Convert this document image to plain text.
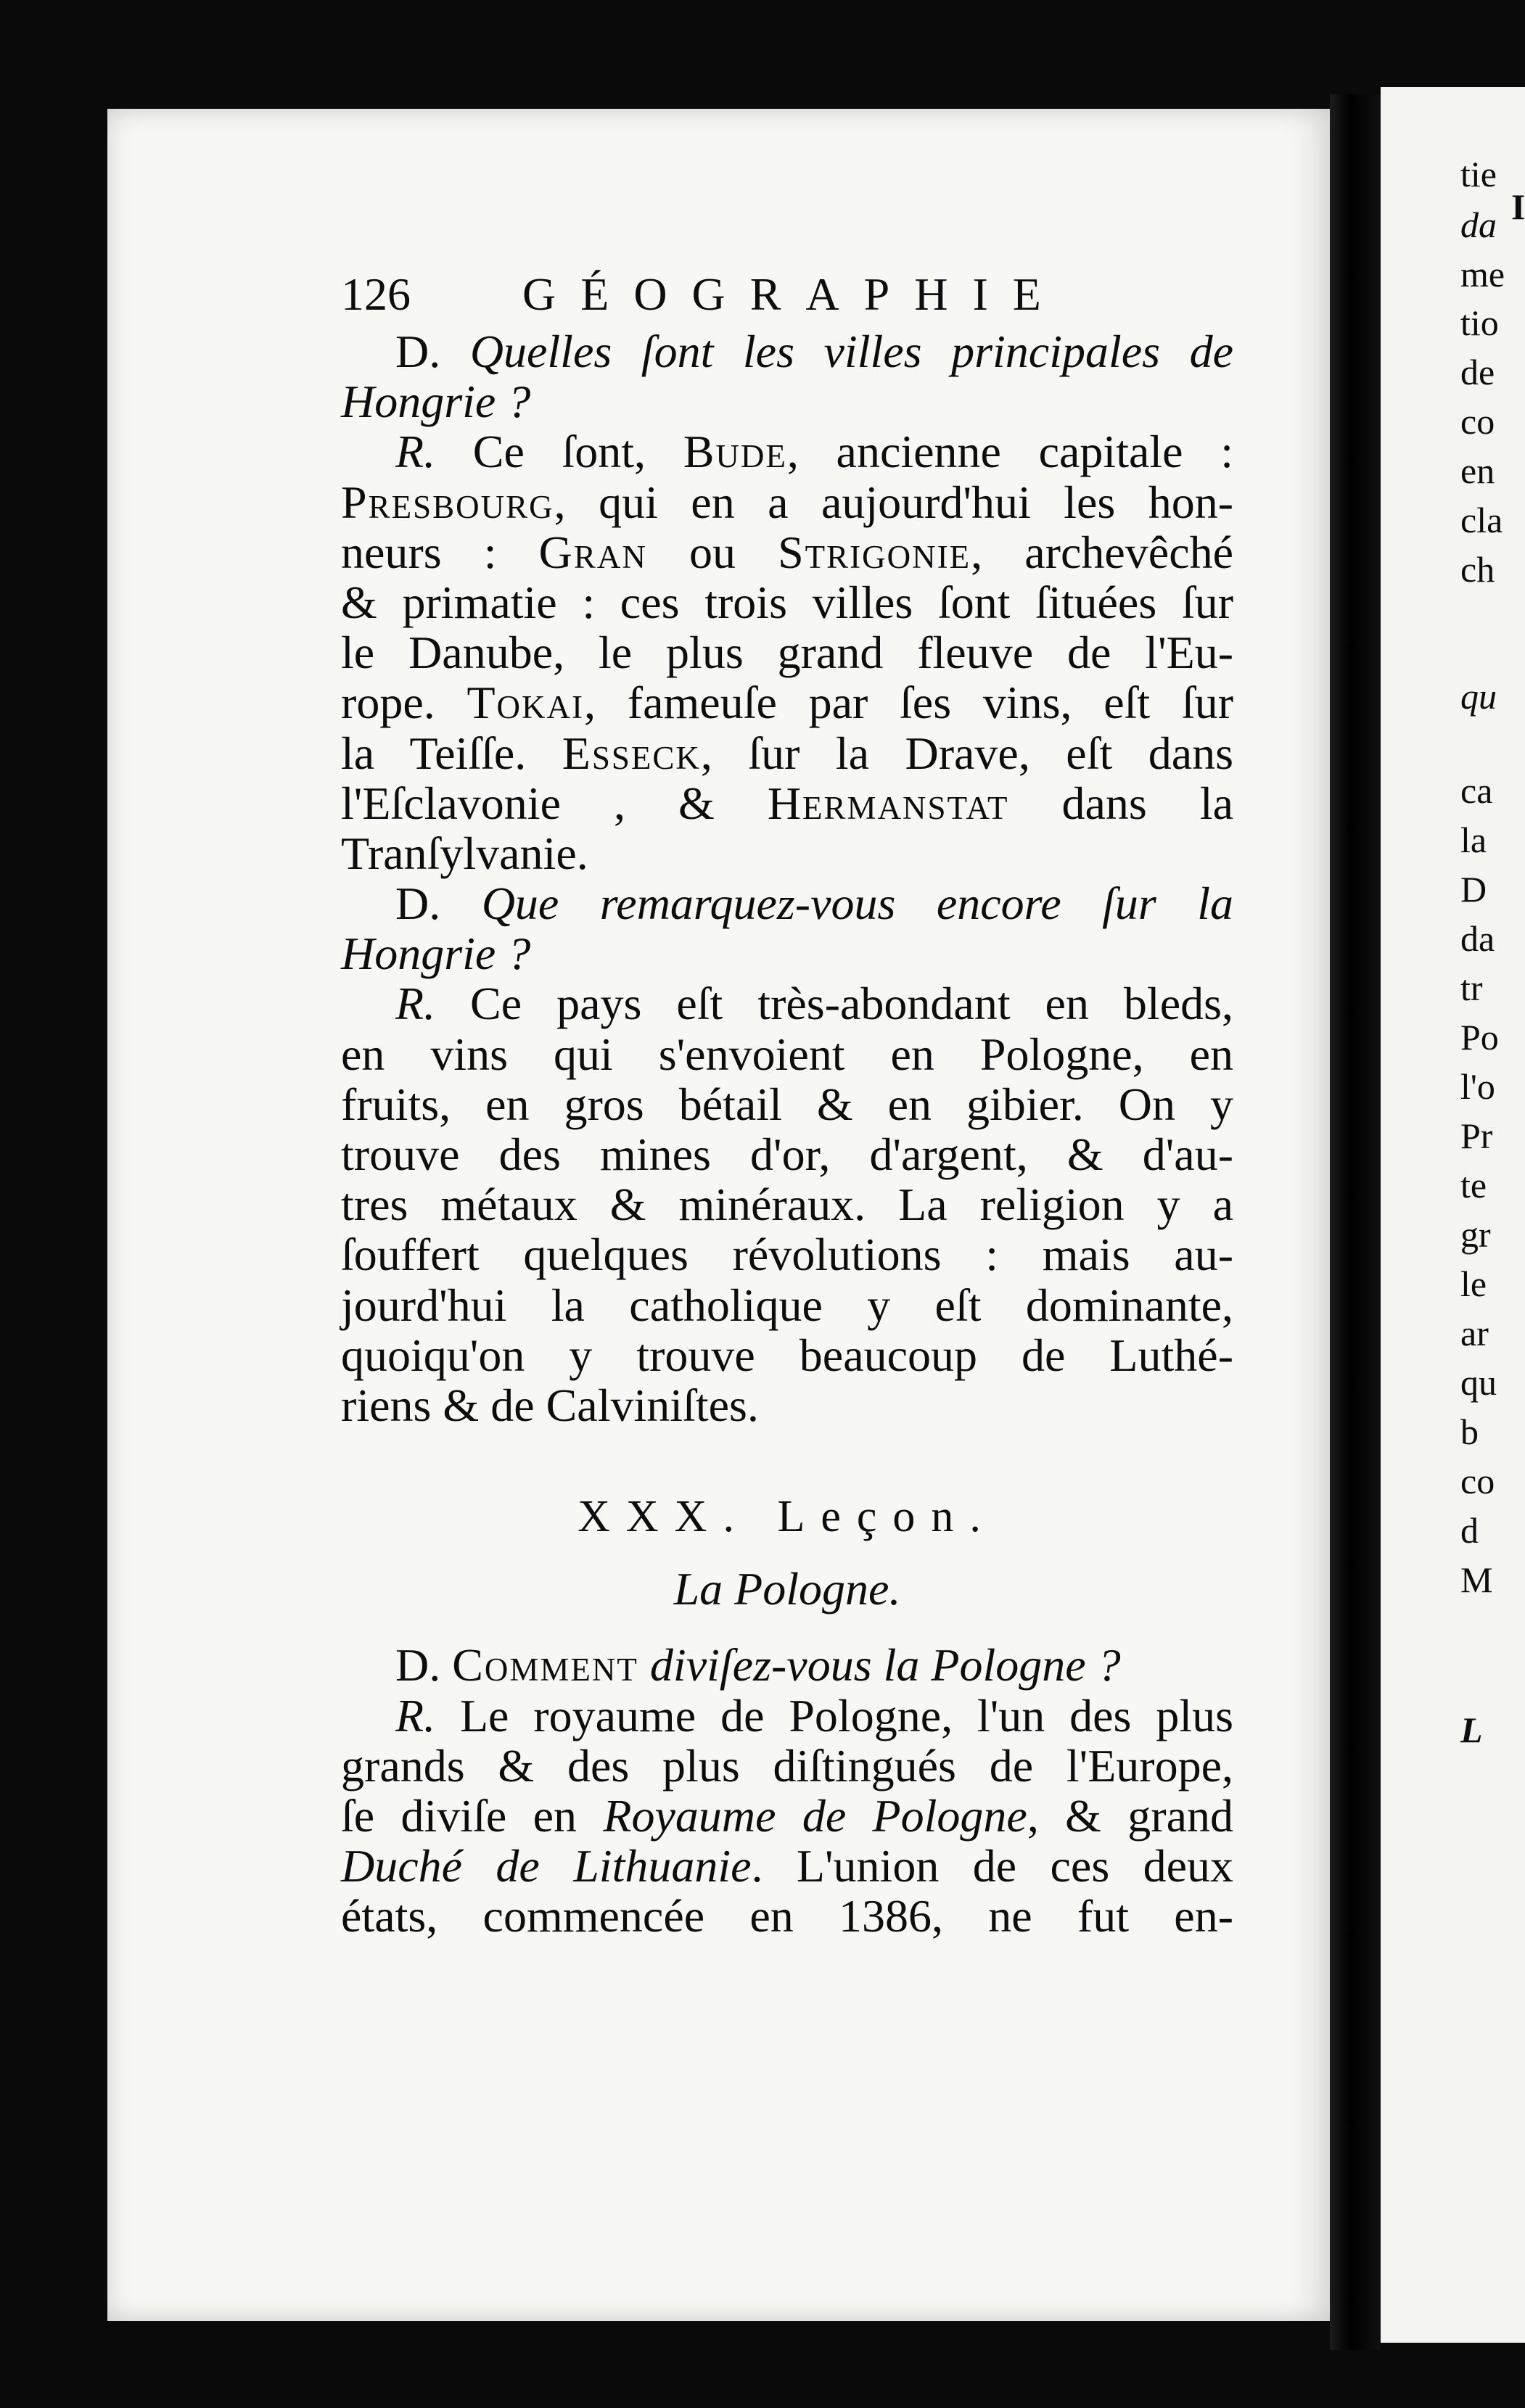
tie
I
da
me
tio
de
co
en
cla
ch
qu
ca
la
D
da
tr
Po
l'o
Pr
te
gr
le
ar
qu
b
co
d
M
L
126 GÉOGRAPHIE
D. Quelles ſont les villes principales de
Hongrie ?
R. Ce ſont, Bude, ancienne capitale :
Presbourg, qui en a aujourd'hui les hon-
neurs : Gran ou Strigonie, archevêché
& primatie : ces trois villes ſont ſituées ſur
le Danube, le plus grand fleuve de l'Eu-
rope. Tokai, fameuſe par ſes vins, eſt ſur
la Teiſſe. Esseck, ſur la Drave, eſt dans
l'Eſclavonie , & Hermanstat dans la
Tranſylvanie.
D. Que remarquez-vous encore ſur la
Hongrie ?
R. Ce pays eſt très-abondant en bleds,
en vins qui s'envoient en Pologne, en
fruits, en gros bétail & en gibier. On y
trouve des mines d'or, d'argent, & d'au-
tres métaux & minéraux. La religion y a
ſouffert quelques révolutions : mais au-
jourd'hui la catholique y eſt dominante,
quoiqu'on y trouve beaucoup de Luthé-
riens & de Calviniſtes.
XXX. Leçon.
La Pologne.
D. Comment diviſez-vous la Pologne ?
R. Le royaume de Pologne, l'un des plus
grands & des plus diſtingués de l'Europe,
ſe diviſe en Royaume de Pologne, & grand
Duché de Lithuanie. L'union de ces deux
états, commencée en 1386, ne fut en-
